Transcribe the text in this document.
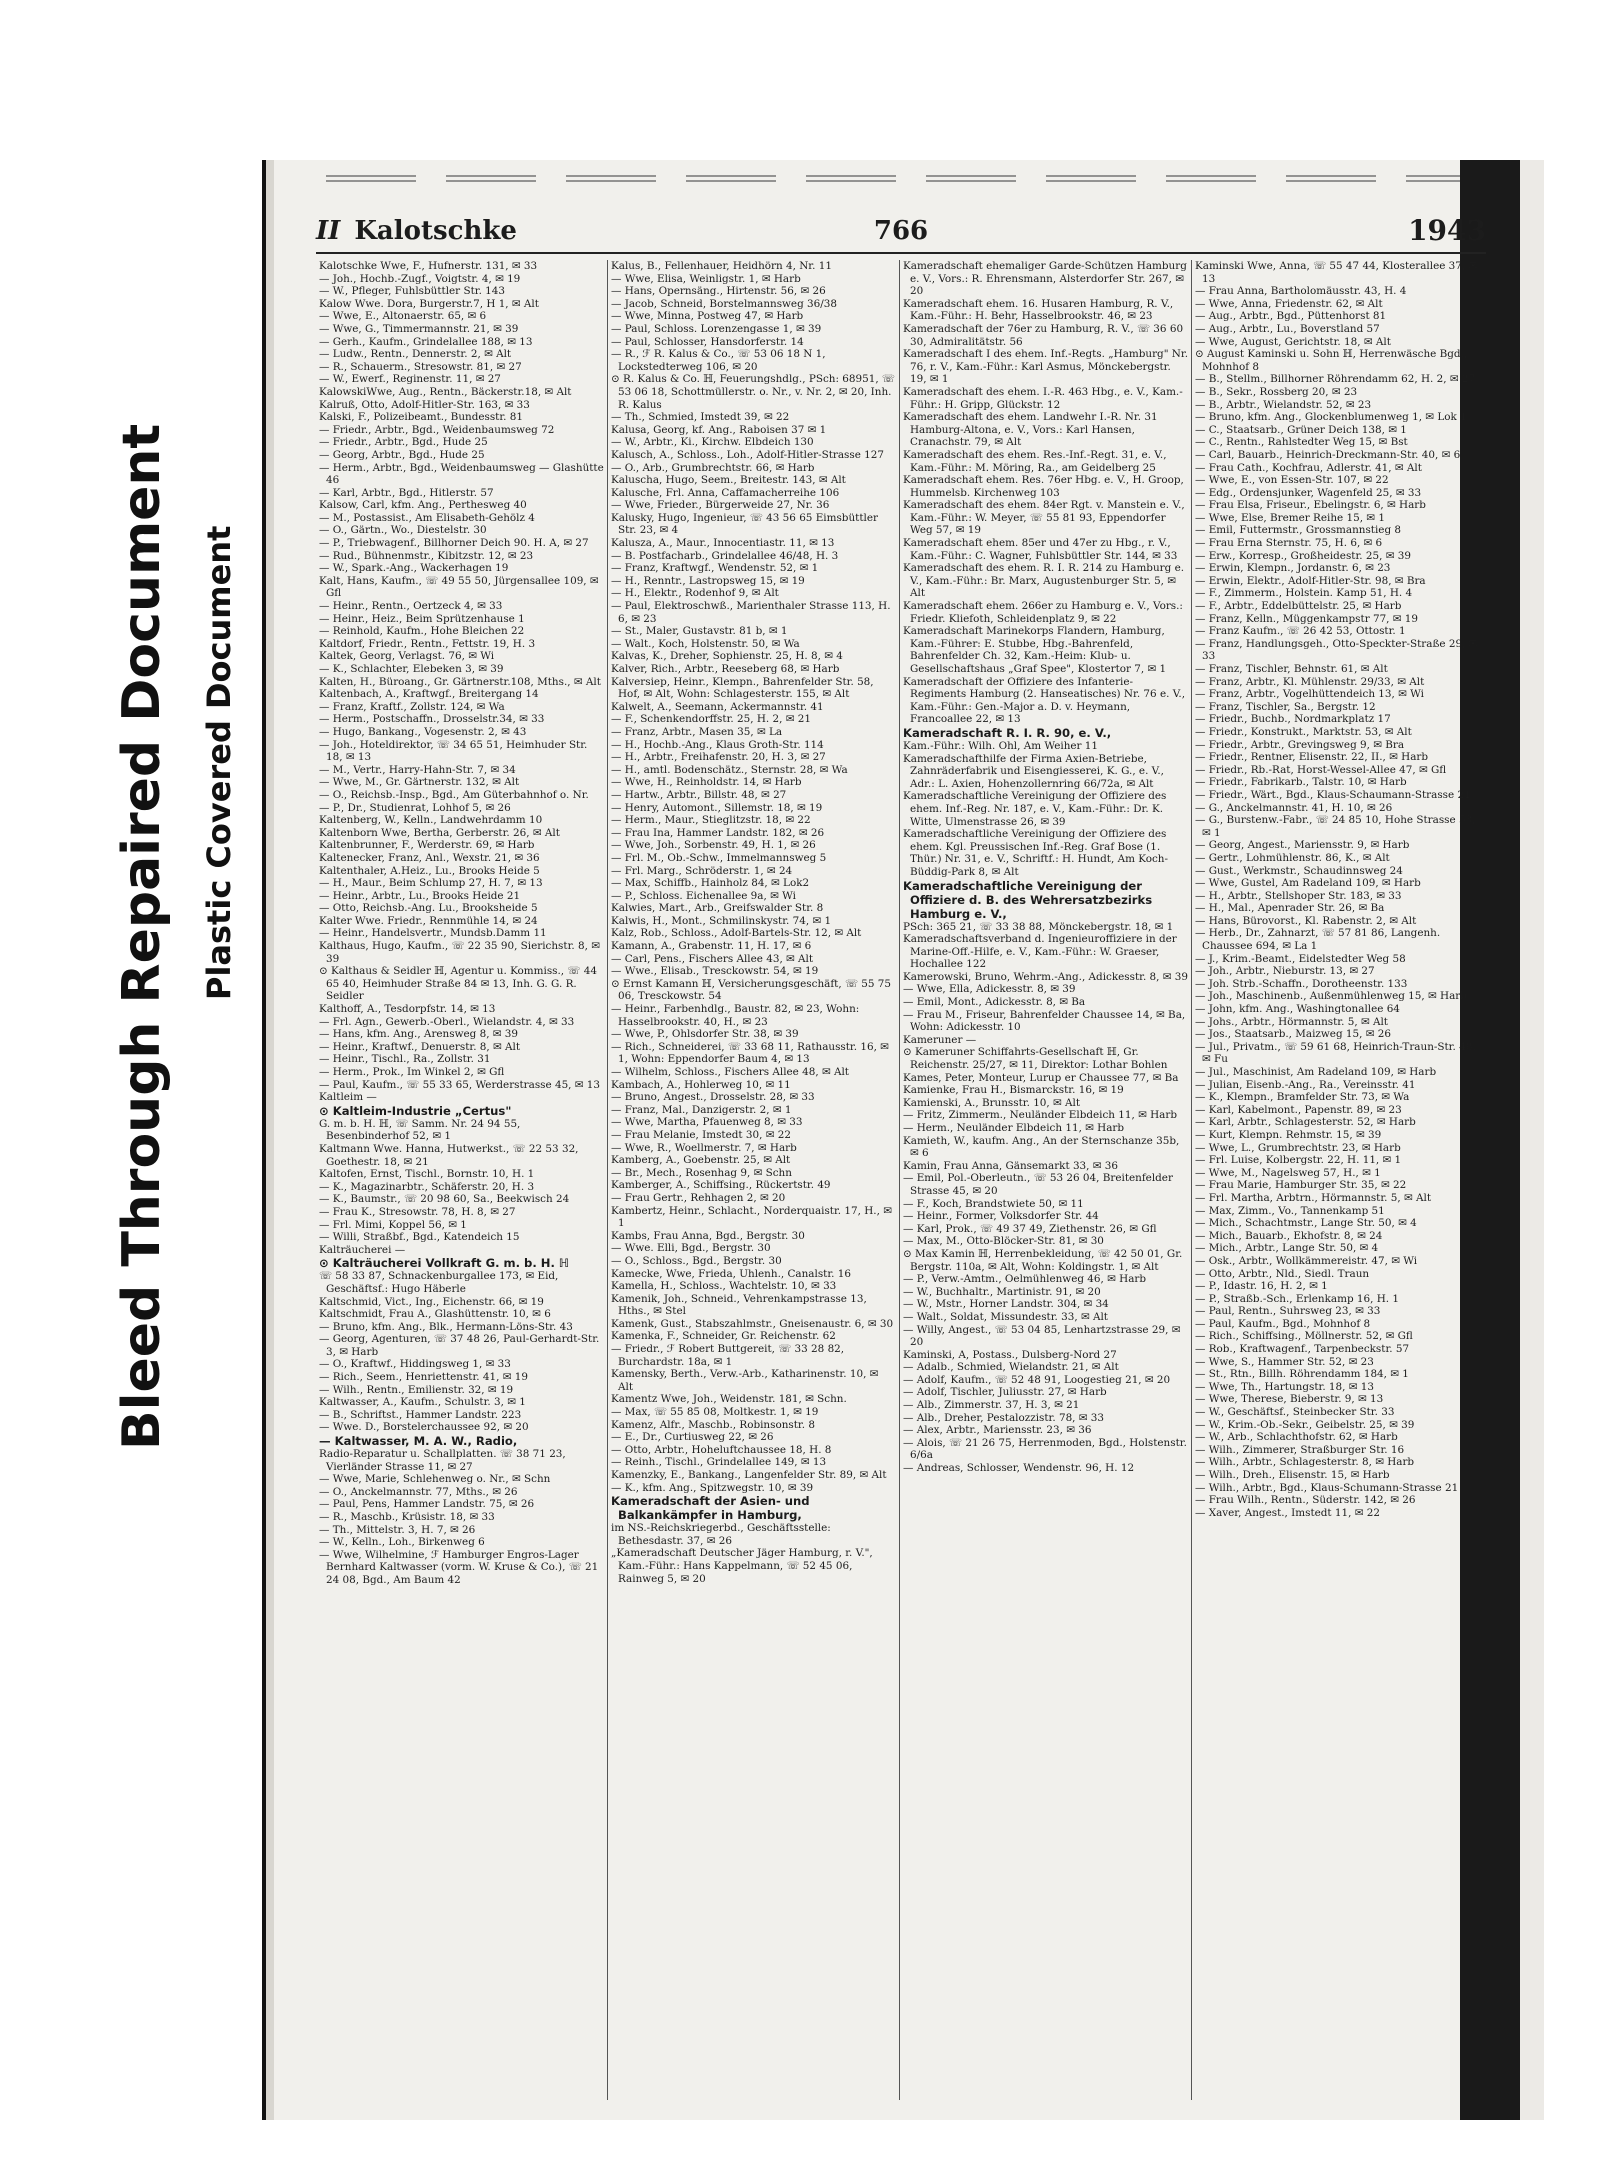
Bleed Through Repaired Document Plastic Covered Document
II Kalotschke	766	1943

Kalotschke Wwe, F., Hufnerstr. 131, ✉ 33

— Joh., Hochb.-Zugf., Voigtstr. 4, ✉ 19

— W., Pfleger, Fuhlsbüttler Str. 143

Kalow Wwe. Dora, Burgerstr.7, H 1, ✉ Alt

— Wwe, E., Altonaerstr. 65, ✉ 6

— Wwe, G., Timmermannstr. 21, ✉ 39

— Gerh., Kaufm., Grindelallee 188, ✉ 13

— Ludw., Rentn., Dennerstr. 2, ✉ Alt

— R., Schauerm., Stresowstr. 81, ✉ 27

— W., Ewerf., Reginenstr. 11, ✉ 27

KalowskiWwe, Aug., Rentn., Bäckerstr.18, ✉ Alt

Kalruß, Otto, Adolf-Hitler-Str. 163, ✉ 33

Kalski, F., Polizeibeamt., Bundesstr. 81

— Friedr., Arbtr., Bgd., Weidenbaumsweg 72

— Friedr., Arbtr., Bgd., Hude 25

— Georg, Arbtr., Bgd., Hude 25

— Herm., Arbtr., Bgd., Weidenbaumsweg — Glashütte 46

— Karl, Arbtr., Bgd., Hitlerstr. 57

Kalsow, Carl, kfm. Ang., Perthesweg 40

— M., Postassist., Am Elisabeth-Gehölz 4

— O., Gärtn., Wo., Diestelstr. 30

— P., Triebwagenf., Billhorner Deich 90. H. A, ✉ 27

— Rud., Bühnenmstr., Kibitzstr. 12, ✉ 23

— W., Spark.-Ang., Wackerhagen 19

Kalt, Hans, Kaufm., ☏ 49 55 50, Jürgensallee 109, ✉ Gfl

— Heinr., Rentn., Oertzeck 4, ✉ 33

— Heinr., Heiz., Beim Sprützenhause 1

— Reinhold, Kaufm., Hohe Bleichen 22

Kaltdorf, Friedr., Rentn., Fettstr. 19, H. 3

Kaltek, Georg, Verlagst. 76, ✉ Wi

— K., Schlachter, Elebeken 3, ✉ 39

Kalten, H., Büroang., Gr. Gärtnerstr.108, Mths., ✉ Alt

Kaltenbach, A., Kraftwgf., Breitergang 14

— Franz, Kraftf., Zollstr. 124, ✉ Wa

— Herm., Postschaffn., Drosselstr.34, ✉ 33

— Hugo, Bankang., Vogesenstr. 2, ✉ 43

— Joh., Hoteldirektor, ☏ 34 65 51, Heimhuder Str. 18, ✉ 13

— M., Vertr., Harry-Hahn-Str. 7, ✉ 34

— Wwe, M., Gr. Gärtnerstr. 132, ✉ Alt

— O., Reichsb.-Insp., Bgd., Am Güterbahnhof o. Nr.

— P., Dr., Studienrat, Lohhof 5, ✉ 26

Kaltenberg, W., Kelln., Landwehrdamm 10

Kaltenborn Wwe, Bertha, Gerberstr. 26, ✉ Alt

Kaltenbrunner, F., Werderstr. 69, ✉ Harb

Kaltenecker, Franz, Anl., Wexstr. 21, ✉ 36

Kaltenthaler, A.Heiz., Lu., Brooks Heide 5

— H., Maur., Beim Schlump 27, H. 7, ✉ 13

— Heinr., Arbtr., Lu., Brooks Heide 21

— Otto, Reichsb.-Ang. Lu., Brooksheide 5

Kalter Wwe. Friedr., Rennmühle 14, ✉ 24

— Heinr., Handelsvertr., Mundsb.Damm 11

Kalthaus, Hugo, Kaufm., ☏ 22 35 90, Sierichstr. 8, ✉ 39

⊙ Kalthaus & Seidler ℍ, Agentur u. Kommiss., ☏ 44 65 40, Heimhuder Straße 84 ✉ 13, Inh. G. G. R. Seidler

Kalthoff, A., Tesdorpfstr. 14, ✉ 13

— Frl. Agn., Gewerb.-Oberl., Wielandstr. 4, ✉ 33

— Hans, kfm. Ang., Arensweg 8, ✉ 39

— Heinr., Kraftwf., Denuerstr. 8, ✉ Alt

— Heinr., Tischl., Ra., Zollstr. 31

— Herm., Prok., Im Winkel 2, ✉ Gfl

— Paul, Kaufm., ☏ 55 33 65, Werderstrasse 45, ✉ 13

Kaltleim —

⊙ Kaltleim-Industrie „Certus"

G. m. b. H. ℍ, ☏ Samm. Nr. 24 94 55, Besenbinderhof 52, ✉ 1

Kaltmann Wwe. Hanna, Hutwerkst., ☏ 22 53 32, Goethestr. 18, ✉ 21

Kaltofen, Ernst, Tischl., Bornstr. 10, H. 1

— K., Magazinarbtr., Schäferstr. 20, H. 3

— K., Baumstr., ☏ 20 98 60, Sa., Beekwisch 24

— Frau K., Stresowstr. 78, H. 8, ✉ 27

— Frl. Mimi, Koppel 56, ✉ 1

— Willi, Straßbf., Bgd., Katendeich 15

Kalträucherei —

⊙ Kalträucherei Vollkraft G. m. b. H. ℍ

☏ 58 33 87, Schnackenburgallee 173, ✉ Eid, Geschäftsf.: Hugo Häberle

Kaltschmid, Vict., Ing., Eichenstr. 66, ✉ 19

Kaltschmidt, Frau A., Glashüttenstr. 10, ✉ 6

— Bruno, kfm. Ang., Blk., Hermann-Löns-Str. 43

— Georg, Agenturen, ☏ 37 48 26, Paul-Gerhardt-Str. 3, ✉ Harb

— O., Kraftwf., Hiddingsweg 1, ✉ 33

— Rich., Seem., Henriettenstr. 41, ✉ 19

— Wilh., Rentn., Emilienstr. 32, ✉ 19

Kaltwasser, A., Kaufm., Schulstr. 3, ✉ 1

— B., Schriftst., Hammer Landstr. 223

— Wwe. D., Borstelerchaussee 92, ✉ 20

— Kaltwasser, M. A. W., Radio,

Radio-Reparatur u. Schallplatten. ☏ 38 71 23, Vierländer Strasse 11, ✉ 27

— Wwe, Marie, Schlehenweg o. Nr., ✉ Schn

— O., Anckelmannstr. 77, Mths., ✉ 26

— Paul, Pens, Hammer Landstr. 75, ✉ 26

— R., Maschb., Krüsistr. 18, ✉ 33

— Th., Mittelstr. 3, H. 7, ✉ 26

— W., Kelln., Loh., Birkenweg 6

— Wwe, Wilhelmine, ℱ Hamburger Engros-Lager Bernhard Kaltwasser (vorm. W. Kruse & Co.), ☏ 21 24 08, Bgd., Am Baum 42

Kalus, B., Fellenhauer, Heidhörn 4, Nr. 11

— Wwe, Elisa, Weinligstr. 1, ✉ Harb

— Hans, Opernsäng., Hirtenstr. 56, ✉ 26

— Jacob, Schneid, Borstelmannsweg 36/38

— Wwe, Minna, Postweg 47, ✉ Harb

— Paul, Schloss. Lorenzengasse 1, ✉ 39

— Paul, Schlosser, Hansdorferstr. 14

— R., ℱ R. Kalus & Co., ☏ 53 06 18 N 1, Lockstedterweg 106, ✉ 20

⊙ R. Kalus & Co. ℍ, Feuerungshdlg., PSch: 68951, ☏ 53 06 18, Schottmüllerstr. o. Nr., v. Nr. 2, ✉ 20, Inh. R. Kalus

— Th., Schmied, Imstedt 39, ✉ 22

Kalusa, Georg, kf. Ang., Raboisen 37 ✉ 1

— W., Arbtr., Ki., Kirchw. Elbdeich 130

Kalusch, A., Schloss., Loh., Adolf-Hitler-Strasse 127

— O., Arb., Grumbrechtstr. 66, ✉ Harb

Kaluscha, Hugo, Seem., Breitestr. 143, ✉ Alt

Kalusche, Frl. Anna, Caffamacherreihe 106

— Wwe, Frieder., Bürgerweide 27, Nr. 36

Kalusky, Hugo, Ingenieur, ☏ 43 56 65 Eimsbüttler Str. 23, ✉ 4

Kalusza, A., Maur., Innocentiastr. 11, ✉ 13

— B. Postfacharb., Grindelallee 46/48, H. 3

— Franz, Kraftwgf., Wendenstr. 52, ✉ 1

— H., Renntr., Lastropsweg 15, ✉ 19

— H., Elektr., Rodenhof 9, ✉ Alt

— Paul, Elektroschwß., Marienthaler Strasse 113, H. 6, ✉ 23

— St., Maler, Gustavstr. 81 b, ✉ 1

— Walt., Koch, Holstenstr. 50, ✉ Wa

Kalvas, K., Dreher, Sophienstr. 25, H. 8, ✉ 4

Kalver, Rich., Arbtr., Reeseberg 68, ✉ Harb

Kalversiep, Heinr., Klempn., Bahrenfelder Str. 58, Hof, ✉ Alt, Wohn: Schlagesterstr. 155, ✉ Alt

Kalwelt, A., Seemann, Ackermannstr. 41

— F., Schenkendorffstr. 25, H. 2, ✉ 21

— Franz, Arbtr., Masen 35, ✉ La

— H., Hochb.-Ang., Klaus Groth-Str. 114

— H., Arbtr., Freihafenstr. 20, H. 3, ✉ 27

— H., amtl. Bodenschätz., Sternstr. 28, ✉ Wa

— Wwe, H., Reinholdstr. 14, ✉ Harb

— Hartw., Arbtr., Billstr. 48, ✉ 27

— Henry, Automont., Sillemstr. 18, ✉ 19

— Herm., Maur., Stieglitzstr. 18, ✉ 22

— Frau Ina, Hammer Landstr. 182, ✉ 26

— Wwe, Joh., Sorbenstr. 49, H. 1, ✉ 26

— Frl. M., Ob.-Schw., Immelmannsweg 5

— Frl. Marg., Schröderstr. 1, ✉ 24

— Max, Schiffb., Hainholz 84, ✉ Lok2

— P., Schloss. Eichenallee 9a, ✉ Wi

Kalwies, Mart., Arb., Greifswalder Str. 8

Kalwis, H., Mont., Schmilinskystr. 74, ✉ 1

Kalz, Rob., Schloss., Adolf-Bartels-Str. 12, ✉ Alt

Kamann, A., Grabenstr. 11, H. 17, ✉ 6

— Carl, Pens., Fischers Allee 43, ✉ Alt

— Wwe., Elisab., Tresckowstr. 54, ✉ 19

⊙ Ernst Kamann ℍ, Versicherungsgeschäft, ☏ 55 75 06, Tresckowstr. 54

— Heinr., Farbenhdlg., Baustr. 82, ✉ 23, Wohn: Hasselbrookstr. 40, H., ✉ 23

— Wwe, P., Ohlsdorfer Str. 38, ✉ 39

— Rich., Schneiderei, ☏ 33 68 11, Rathausstr. 16, ✉ 1, Wohn: Eppendorfer Baum 4, ✉ 13

— Wilhelm, Schloss., Fischers Allee 48, ✉ Alt

Kambach, A., Hohlerweg 10, ✉ 11

— Bruno, Angest., Drosselstr. 28, ✉ 33

— Franz, Mal., Danzigerstr. 2, ✉ 1

— Wwe, Martha, Pfauenweg 8, ✉ 33

— Frau Melanie, Imstedt 30, ✉ 22

— Wwe, R., Woellmerstr. 7, ✉ Harb

Kamberg, A., Goebenstr. 25, ✉ Alt

— Br., Mech., Rosenhag 9, ✉ Schn

Kamberger, A., Schiffsing., Rückertstr. 49

— Frau Gertr., Rehhagen 2, ✉ 20

Kambertz, Heinr., Schlacht., Norderquaistr. 17, H., ✉ 1

Kambs, Frau Anna, Bgd., Bergstr. 30

— Wwe. Elli, Bgd., Bergstr. 30

— O., Schloss., Bgd., Bergstr. 30

Kamecke, Wwe, Frieda, Uhlenh., Canalstr. 16

Kamella, H., Schloss., Wachtelstr. 10, ✉ 33

Kamenik, Joh., Schneid., Vehrenkampstrasse 13, Hths., ✉ Stel

Kamenk, Gust., Stabszahlmstr., Gneisenaustr. 6, ✉ 30

Kamenka, F., Schneider, Gr. Reichenstr. 62

— Friedr., ℱ Robert Buttgereit, ☏ 33 28 82, Burchardstr. 18a, ✉ 1

Kamensky, Berth., Verw.-Arb., Katharinenstr. 10, ✉ Alt

Kamentz Wwe, Joh., Weidenstr. 181, ✉ Schn.

— Max, ☏ 55 85 08, Moltkestr. 1, ✉ 19

Kamenz, Alfr., Maschb., Robinsonstr. 8

— E., Dr., Curtiusweg 22, ✉ 26

— Otto, Arbtr., Hoheluftchaussee 18, H. 8

— Reinh., Tischl., Grindelallee 149, ✉ 13

Kamenzky, E., Bankang., Langenfelder Str. 89, ✉ Alt

— K., kfm. Ang., Spitzwegstr. 10, ✉ 39

Kameradschaft der Asien- und Balkankämpfer in Hamburg,

im NS.-Reichskriegerbd., Geschäftsstelle: Bethesdastr. 37, ✉ 26

„Kameradschaft Deutscher Jäger Hamburg, r. V.", Kam.-Führ.: Hans Kappelmann, ☏ 52 45 06, Rainweg 5, ✉ 20

Kameradschaft ehemaliger Garde-Schützen Hamburg e. V., Vors.: R. Ehrensmann, Alsterdorfer Str. 267, ✉ 20

Kameradschaft ehem. 16. Husaren Hamburg, R. V., Kam.-Führ.: H. Behr, Hasselbrookstr. 46, ✉ 23

Kameradschaft der 76er zu Hamburg, R. V., ☏ 36 60 30, Admiralitätstr. 56

Kameradschaft I des ehem. Inf.-Regts. „Hamburg" Nr. 76, r. V., Kam.-Führ.: Karl Asmus, Mönckebergstr. 19, ✉ 1

Kameradschaft des ehem. I.-R. 463 Hbg., e. V., Kam.-Führ.: H. Gripp, Glückstr. 12

Kameradschaft des ehem. Landwehr I.-R. Nr. 31 Hamburg-Altona, e. V., Vors.: Karl Hansen, Cranachstr. 79, ✉ Alt

Kameradschaft des ehem. Res.-Inf.-Regt. 31, e. V., Kam.-Führ.: M. Möring, Ra., am Geidelberg 25

Kameradschaft ehem. Res. 76er Hbg. e. V., H. Groop, Hummelsb. Kirchenweg 103

Kameradschaft des ehem. 84er Rgt. v. Manstein e. V., Kam.-Führ.: W. Meyer, ☏ 55 81 93, Eppendorfer Weg 57, ✉ 19

Kameradschaft ehem. 85er und 47er zu Hbg., r. V., Kam.-Führ.: C. Wagner, Fuhlsbüttler Str. 144, ✉ 33

Kameradschaft des ehem. R. I. R. 214 zu Hamburg e. V., Kam.-Führ.: Br. Marx, Augustenburger Str. 5, ✉ Alt

Kameradschaft ehem. 266er zu Hamburg e. V., Vors.: Friedr. Kliefoth, Schleidenplatz 9, ✉ 22

Kameradschaft Marinekorps Flandern, Hamburg, Kam.-Führer: E. Stubbe, Hbg.-Bahrenfeld, Bahrenfelder Ch. 32, Kam.-Heim: Klub- u. Gesellschaftshaus „Graf Spee", Klostertor 7, ✉ 1

Kameradschaft der Offiziere des Infanterie-Regiments Hamburg (2. Hanseatisches) Nr. 76 e. V., Kam.-Führ.: Gen.-Major a. D. v. Heymann, Francoallee 22, ✉ 13

Kameradschaft R. I. R. 90, e. V.,

Kam.-Führ.: Wilh. Ohl, Am Weiher 11

Kameradschafthilfe der Firma Axien-Betriebe, Zahnräderfabrik und Eisengiesserei, K. G., e. V., Adr.: L. Axien, Hohenzollernring 66/72a, ✉ Alt

Kameradschaftliche Vereinigung der Offiziere des ehem. Inf.-Reg. Nr. 187, e. V., Kam.-Führ.: Dr. K. Witte, Ulmenstrasse 26, ✉ 39

Kameradschaftliche Vereinigung der Offiziere des ehem. Kgl. Preussischen Inf.-Reg. Graf Bose (1. Thür.) Nr. 31, e. V., Schriftf.: H. Hundt, Am Koch-Büddig-Park 8, ✉ Alt

Kameradschaftliche Vereinigung der Offiziere d. B. des Wehrersatzbezirks Hamburg e. V.,

PSch: 365 21, ☏ 33 38 88, Mönckebergstr. 18, ✉ 1

Kameradschaftsverband d. Ingenieuroffiziere in der Marine-Off.-Hilfe, e. V., Kam.-Führ.: W. Graeser, Hochallee 122

Kamerowski, Bruno, Wehrm.-Ang., Adickesstr. 8, ✉ 39

— Wwe, Ella, Adickesstr. 8, ✉ 39

— Emil, Mont., Adickesstr. 8, ✉ Ba

— Frau M., Friseur, Bahrenfelder Chaussee 14, ✉ Ba, Wohn: Adickesstr. 10

Kameruner —

⊙ Kameruner Schiffahrts-Gesellschaft ℍ, Gr. Reichenstr. 25/27, ✉ 11, Direktor: Lothar Bohlen

Kames, Peter, Monteur, Lurup er Chaussee 77, ✉ Ba

Kamienke, Frau H., Bismarckstr. 16, ✉ 19

Kamienski, A., Brunsstr. 10, ✉ Alt

— Fritz, Zimmerm., Neuländer Elbdeich 11, ✉ Harb

— Herm., Neuländer Elbdeich 11, ✉ Harb

Kamieth, W., kaufm. Ang., An der Sternschanze 35b, ✉ 6

Kamin, Frau Anna, Gänsemarkt 33, ✉ 36

— Emil, Pol.-Oberleutn., ☏ 53 26 04, Breitenfelder Strasse 45, ✉ 20

— F., Koch, Brandstwiete 50, ✉ 11

— Heinr., Former, Volksdorfer Str. 44

— Karl, Prok., ☏ 49 37 49, Ziethenstr. 26, ✉ Gfl

— Max, M., Otto-Blöcker-Str. 81, ✉ 30

⊙ Max Kamin ℍ, Herrenbekleidung, ☏ 42 50 01, Gr. Bergstr. 110a, ✉ Alt, Wohn: Koldingstr. 1, ✉ Alt

— P., Verw.-Amtm., Oelmühlenweg 46, ✉ Harb

— W., Buchhaltr., Martinistr. 91, ✉ 20

— W., Mstr., Horner Landstr. 304, ✉ 34

— Walt., Soldat, Missundestr. 33, ✉ Alt

— Willy, Angest., ☏ 53 04 85, Lenhartzstrasse 29, ✉ 20

Kaminski, A, Postass., Dulsberg-Nord 27

— Adalb., Schmied, Wielandstr. 21, ✉ Alt

— Adolf, Kaufm., ☏ 52 48 91, Loogestieg 21, ✉ 20

— Adolf, Tischler, Juliusstr. 27, ✉ Harb

— Alb., Zimmerstr. 37, H. 3, ✉ 21

— Alb., Dreher, Pestalozzistr. 78, ✉ 33

— Alex, Arbtr., Mariensstr. 23, ✉ 36

— Alois, ☏ 21 26 75, Herrenmoden, Bgd., Holstenstr. 6/6a

— Andreas, Schlosser, Wendenstr. 96, H. 12

Kaminski Wwe, Anna, ☏ 55 47 44, Klosterallee 37, ✉ 13

— Frau Anna, Bartholomäusstr. 43, H. 4

— Wwe, Anna, Friedenstr. 62, ✉ Alt

— Aug., Arbtr., Bgd., Püttenhorst 81

— Aug., Arbtr., Lu., Boverstland 57

— Wwe, August, Gerichtstr. 18, ✉ Alt

⊙ August Kaminski u. Sohn ℍ, Herrenwäsche Bgd., Mohnhof 8

— B., Stellm., Billhorner Röhrendamm 62, H. 2, ✉ 27

— B., Sekr., Rossberg 20, ✉ 23

— B., Arbtr., Wielandstr. 52, ✉ 23

— Bruno, kfm. Ang., Glockenblumenweg 1, ✉ Lok 1

— C., Staatsarb., Grüner Deich 138, ✉ 1

— C., Rentn., Rahlstedter Weg 15, ✉ Bst

— Carl, Bauarb., Heinrich-Dreckmann-Str. 40, ✉ 6

— Frau Cath., Kochfrau, Adlerstr. 41, ✉ Alt

— Wwe, E., von Essen-Str. 107, ✉ 22

— Edg., Ordensjunker, Wagenfeld 25, ✉ 33

— Frau Elsa, Friseur., Ebelingstr. 6, ✉ Harb

— Wwe, Else, Bremer Reihe 15, ✉ 1

— Emil, Futtermstr., Grossmannstieg 8

— Frau Erna Sternstr. 75, H. 6, ✉ 6

— Erw., Korresp., Großheidestr. 25, ✉ 39

— Erwin, Klempn., Jordanstr. 6, ✉ 23

— Erwin, Elektr., Adolf-Hitler-Str. 98, ✉ Bra

— F., Zimmerm., Holstein. Kamp 51, H. 4

— F., Arbtr., Eddelbüttelstr. 25, ✉ Harb

— Franz, Kelln., Müggenkampstr 77, ✉ 19

— Franz Kaufm., ☏ 26 42 53, Ottostr. 1

— Franz, Handlungsgeh., Otto-Speckter-Straße 29, ✉ 33

— Franz, Tischler, Behnstr. 61, ✉ Alt

— Franz, Arbtr., Kl. Mühlenstr. 29/33, ✉ Alt

— Franz, Arbtr., Vogelhüttendeich 13, ✉ Wi

— Franz, Tischler, Sa., Bergstr. 12

— Friedr., Buchb., Nordmarkplatz 17

— Friedr., Konstrukt., Marktstr. 53, ✉ Alt

— Friedr., Arbtr., Grevingsweg 9, ✉ Bra

— Friedr., Rentner, Elisenstr. 22, II., ✉ Harb

— Friedr., Rb.-Rat, Horst-Wessel-Allee 47, ✉ Gfl

— Friedr., Fabrikarb., Talstr. 10, ✉ Harb

— Friedr., Wärt., Bgd., Klaus-Schaumann-Strasse 21

— G., Anckelmannstr. 41, H. 10, ✉ 26

— G., Burstenw.-Fabr., ☏ 24 85 10, Hohe Strasse 53, ✉ 1

— Georg, Angest., Mariensstr. 9, ✉ Harb

— Gertr., Lohmühlenstr. 86, K., ✉ Alt

— Gust., Werkmstr., Schaudinnsweg 24

— Wwe, Gustel, Am Radeland 109, ✉ Harb

— H., Arbtr., Stellshoper Str. 183, ✉ 33

— H., Mal., Apenrader Str. 26, ✉ Ba

— Hans, Bürovorst., Kl. Rabenstr. 2, ✉ Alt

— Herb., Dr., Zahnarzt, ☏ 57 81 86, Langenh. Chaussee 694, ✉ La 1

— J., Krim.-Beamt., Eidelstedter Weg 58

— Joh., Arbtr., Nieburstr. 13, ✉ 27

— Joh. Strb.-Schaffn., Dorotheenstr. 133

— Joh., Maschinenb., Außenmühlenweg 15, ✉ Harb

— John, kfm. Ang., Washingtonallee 64

— Johs., Arbtr., Hörmannstr. 5, ✉ Alt

— Jos., Staatsarb., Maizweg 15, ✉ 26

— Jul., Privatm., ☏ 59 61 68, Heinrich-Traun-Str. 48, ✉ Fu

— Jul., Maschinist, Am Radeland 109, ✉ Harb

— Julian, Eisenb.-Ang., Ra., Vereinsstr. 41

— K., Klempn., Bramfelder Str. 73, ✉ Wa

— Karl, Kabelmont., Papenstr. 89, ✉ 23

— Karl, Arbtr., Schlagesterstr. 52, ✉ Harb

— Kurt, Klempn. Rehmstr. 15, ✉ 39

— Wwe, L., Grumbrechtstr. 23, ✉ Harb

— Frl. Luise, Kolbergstr. 22, H. 11, ✉ 1

— Wwe, M., Nagelsweg 57, H., ✉ 1

— Frau Marie, Hamburger Str. 35, ✉ 22

— Frl. Martha, Arbtrn., Hörmannstr. 5, ✉ Alt

— Max, Zimm., Vo., Tannenkamp 51

— Mich., Schachtmstr., Lange Str. 50, ✉ 4

— Mich., Bauarb., Ekhofstr. 8, ✉ 24

— Mich., Arbtr., Lange Str. 50, ✉ 4

— Osk., Arbtr., Wollkämmereistr. 47, ✉ Wi

— Otto, Arbtr., Nld., Siedl. Traun

— P., Idastr. 16, H. 2, ✉ 1

— P., Straßb.-Sch., Erlenkamp 16, H. 1

— Paul, Rentn., Suhrsweg 23, ✉ 33

— Paul, Kaufm., Bgd., Mohnhof 8

— Rich., Schiffsing., Möllnerstr. 52, ✉ Gfl

— Rob., Kraftwagenf., Tarpenbeckstr. 57

— Wwe, S., Hammer Str. 52, ✉ 23

— St., Rtn., Billh. Röhrendamm 184, ✉ 1

— Wwe, Th., Hartungstr. 18, ✉ 13

— Wwe, Therese, Bieberstr. 9, ✉ 13

— W., Geschäftsf., Steinbecker Str. 33

— W., Krim.-Ob.-Sekr., Geibelstr. 25, ✉ 39

— W., Arb., Schlachthofstr. 62, ✉ Harb

— Wilh., Zimmerer, Straßburger Str. 16

— Wilh., Arbtr., Schlagesterstr. 8, ✉ Harb

— Wilh., Dreh., Elisenstr. 15, ✉ Harb

— Wilh., Arbtr., Bgd., Klaus-Schumann-Strasse 21

— Frau Wilh., Rentn., Süderstr. 142, ✉ 26

— Xaver, Angest., Imstedt 11, ✉ 22
